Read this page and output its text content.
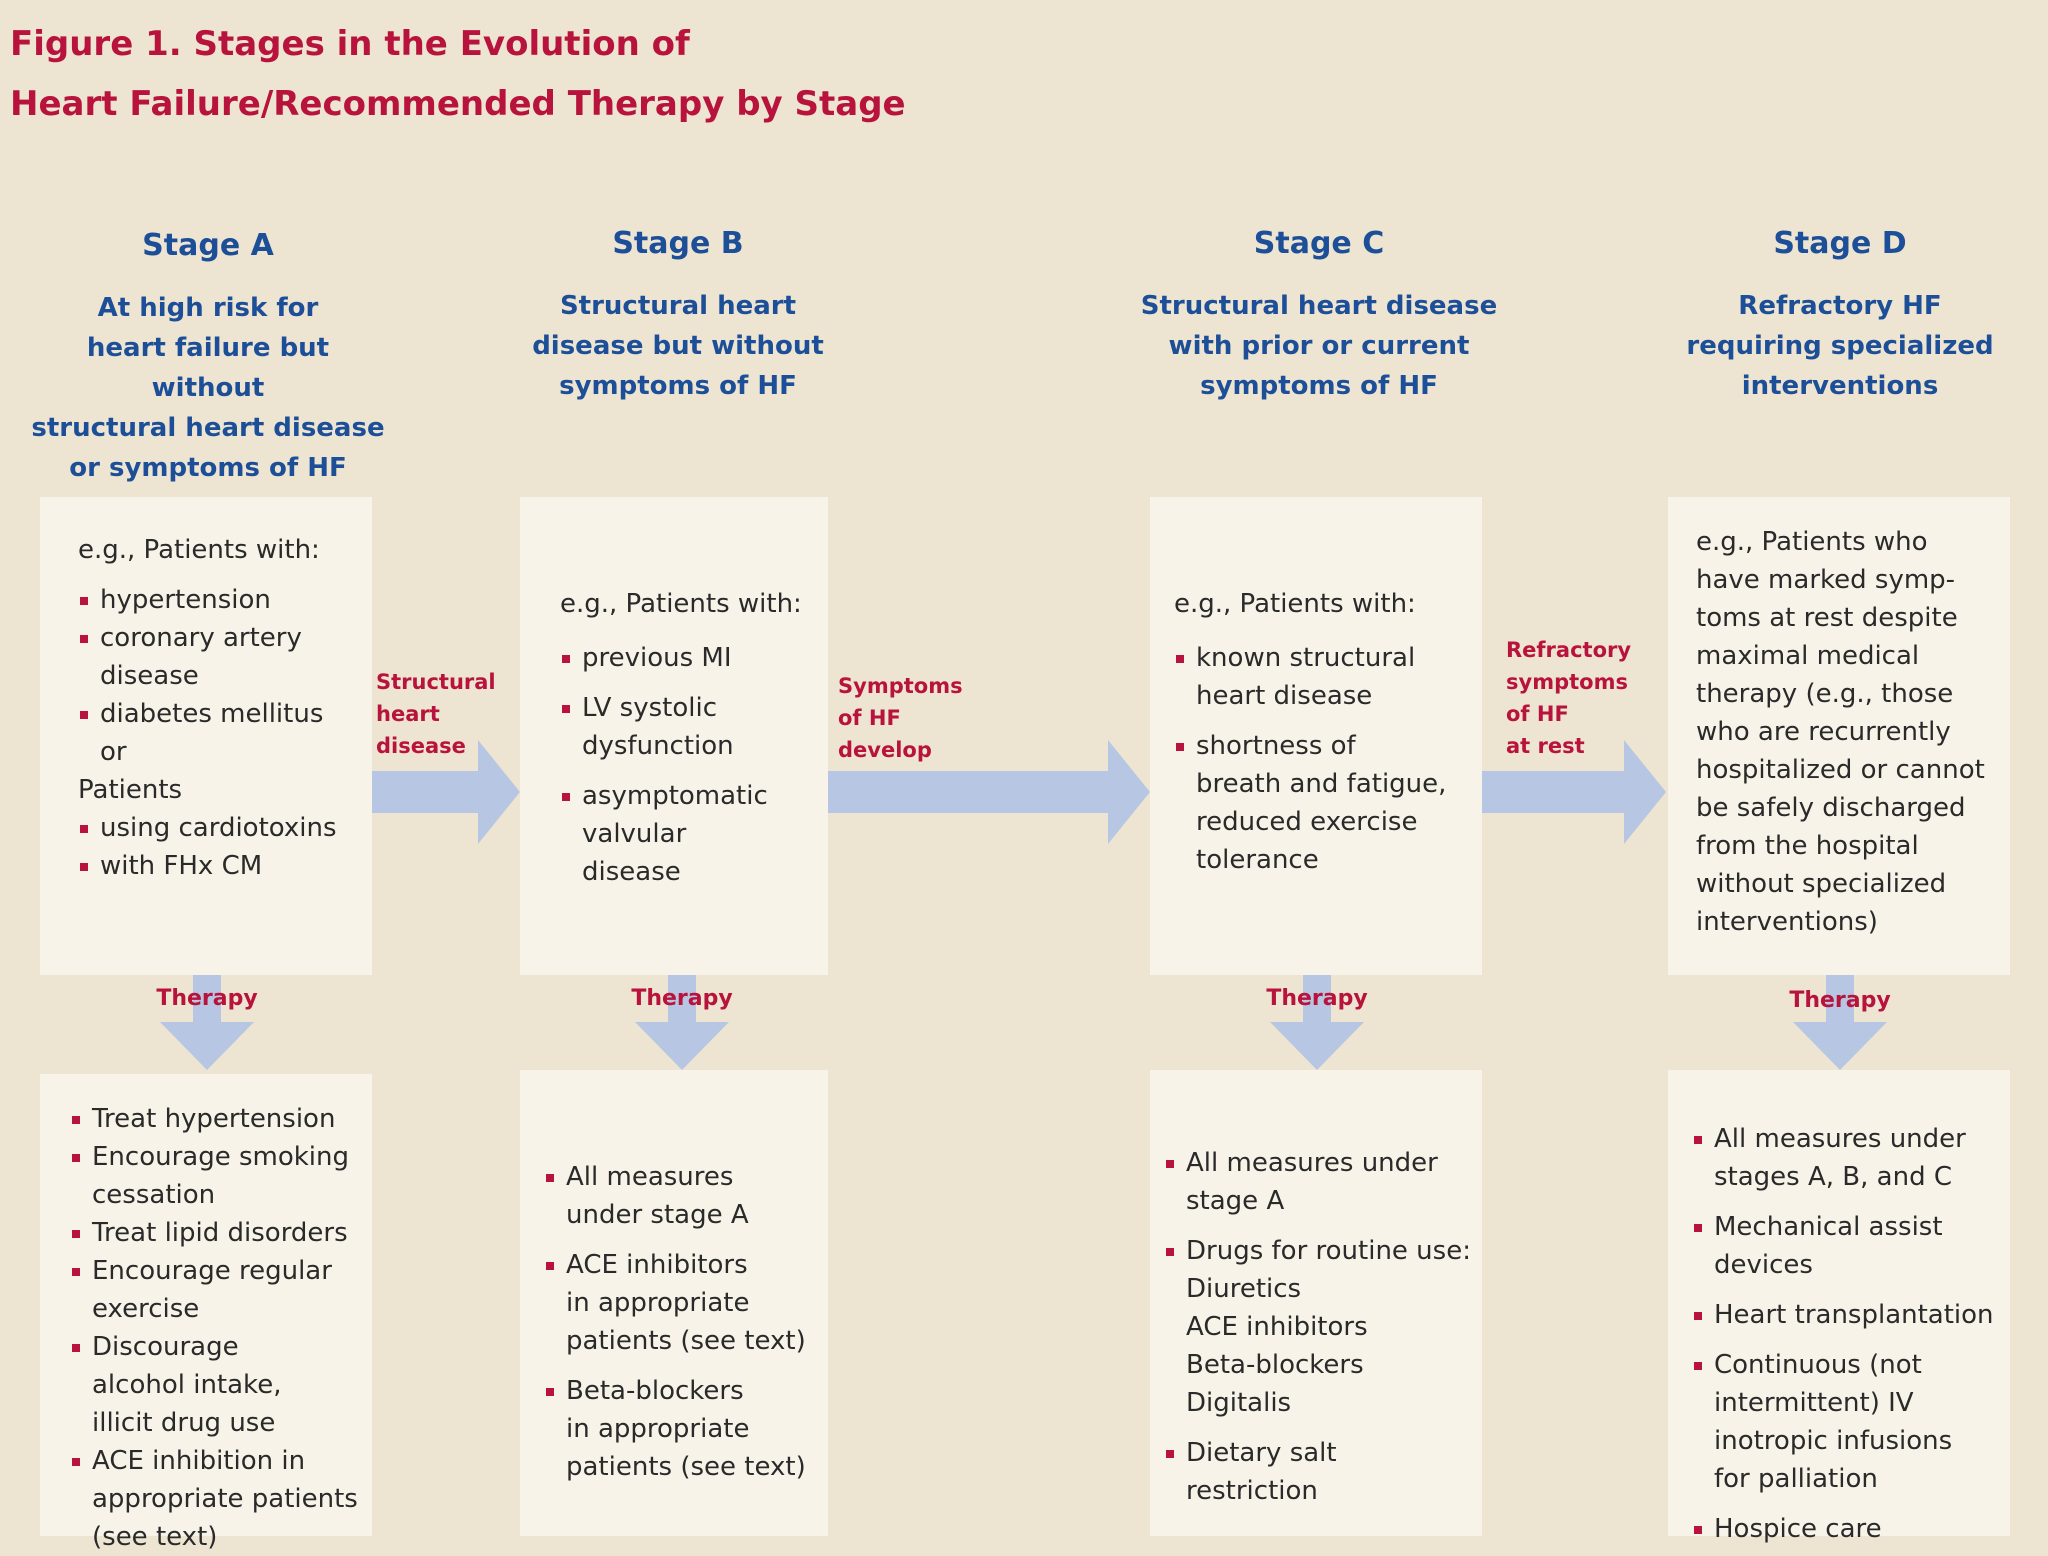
Figure 1. Stages in the Evolution of
Heart Failure/Recommended Therapy by Stage
Stage A
At high risk for
heart failure but without
structural heart disease
or symptoms of HF
Stage B
Structural heart
disease but without
symptoms of HF
Stage C
Structural heart disease
with prior or current
symptoms of HF
Stage D
Refractory HF
requiring specialized
interventions
e.g., Patients with:
hypertension
coronary artery
disease
diabetes mellitus
or
Patients
using cardiotoxins
with FHx CM
e.g., Patients with:
previous MI
LV systolic
dysfunction
asymptomatic
valvular
disease
e.g., Patients with:
known structural
heart disease
shortness of
breath and fatigue,
reduced exercise
tolerance
e.g., Patients who
have marked symp-
toms at rest despite
maximal medical
therapy (e.g., those
who are recurrently
hospitalized or cannot
be safely discharged
from the hospital
without specialized
interventions)
Structural
heart
disease
Symptoms
of HF
develop
Refractory
symptoms
of HF
at rest
Therapy	Therapy	Therapy	Therapy
Treat hypertension
Encourage smoking
cessation
Treat lipid disorders
Encourage regular
exercise
Discourage
alcohol intake,
illicit drug use
ACE inhibition in
appropriate patients
(see text)
All measures
under stage A
ACE inhibitors
in appropriate
patients (see text)
Beta-blockers
in appropriate
patients (see text)
All measures under
stage A
Drugs for routine use:
Diuretics
ACE inhibitors
Beta-blockers
Digitalis
Dietary salt
restriction
All measures under
stages A, B, and C
Mechanical assist
devices
Heart transplantation
Continuous (not
intermittent) IV
inotropic infusions
for palliation
Hospice care
